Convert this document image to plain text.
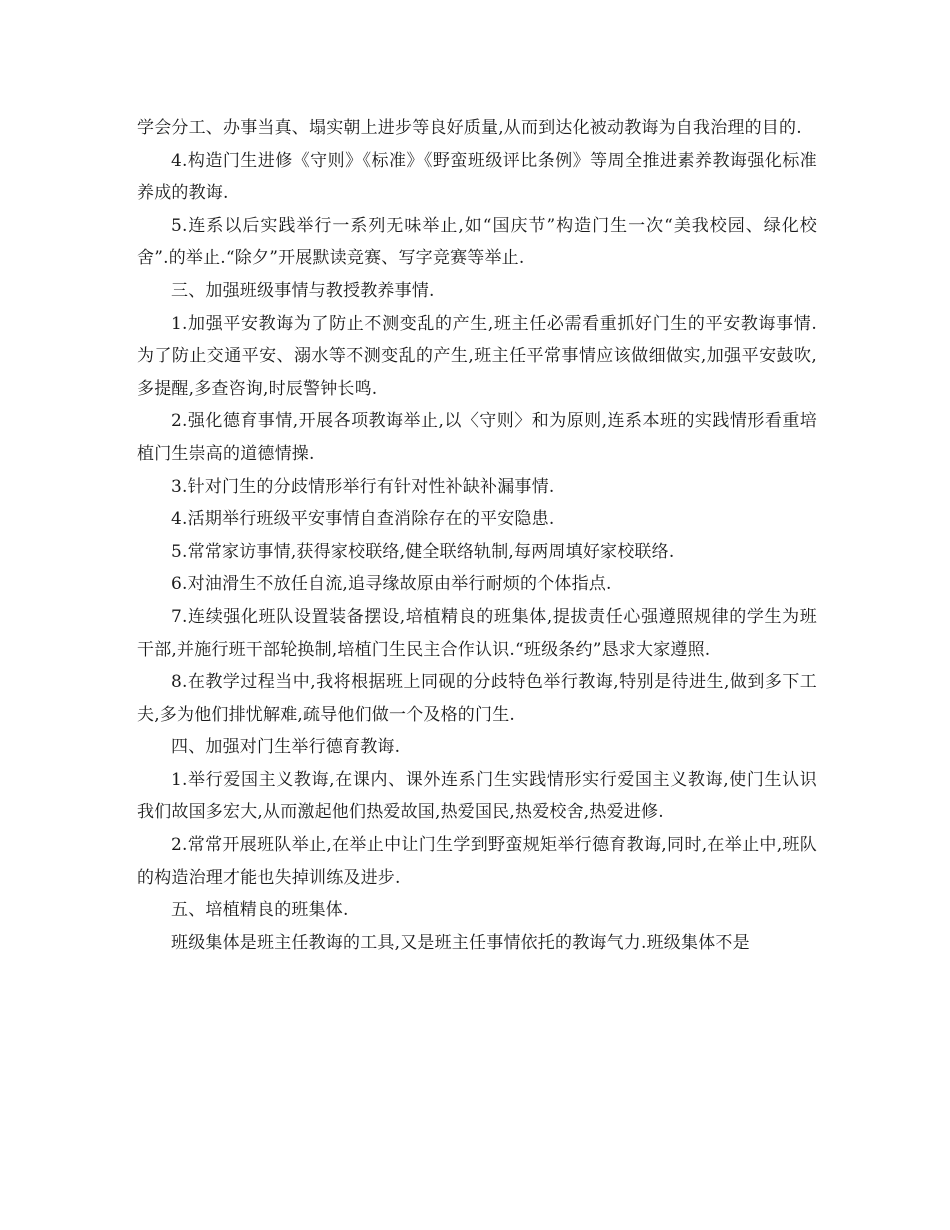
学会分工、办事当真、塌实朝上进步等良好质量,从而到达化被动教诲为自我治理的目的.

4.构造门生进修《守则》《标准》《野蛮班级评比条例》等周全推进素养教诲强化标准养成的教诲.

5.连系以后实践举行一系列无味举止,如“国庆节”构造门生一次“美我校园、绿化校舍”.的举止.“除夕”开展默读竞赛、写字竞赛等举止.

三、加强班级事情与教授教养事情.

1.加强平安教诲为了防止不测变乱的产生,班主任必需看重抓好门生的平安教诲事情.为了防止交通平安、溺水等不测变乱的产生,班主任平常事情应该做细做实,加强平安鼓吹,多提醒,多查咨询,时辰警钟长鸣.

2.强化德育事情,开展各项教诲举止,以〈守则〉和为原则,连系本班的实践情形看重培植门生崇高的道德情操.

3.针对门生的分歧情形举行有针对性补缺补漏事情.

4.活期举行班级平安事情自查消除存在的平安隐患.

5.常常家访事情,获得家校联络,健全联络轨制,每两周填好家校联络.

6.对油滑生不放任自流,追寻缘故原由举行耐烦的个体指点.

7.连续强化班队设置装备摆设,培植精良的班集体,提拔责任心强遵照规律的学生为班干部,并施行班干部轮换制,培植门生民主合作认识.“班级条约”恳求大家遵照.

8.在教学过程当中,我将根据班上同砚的分歧特色举行教诲,特别是待进生,做到多下工夫,多为他们排忧解难,疏导他们做一个及格的门生.

四、加强对门生举行德育教诲.

1.举行爱国主义教诲,在课内、课外连系门生实践情形实行爱国主义教诲,使门生认识我们故国多宏大,从而激起他们热爱故国,热爱国民,热爱校舍,热爱进修.

2.常常开展班队举止,在举止中让门生学到野蛮规矩举行德育教诲,同时,在举止中,班队的构造治理才能也失掉训练及进步.

五、培植精良的班集体.

班级集体是班主任教诲的工具,又是班主任事情依托的教诲气力.班级集体不是
